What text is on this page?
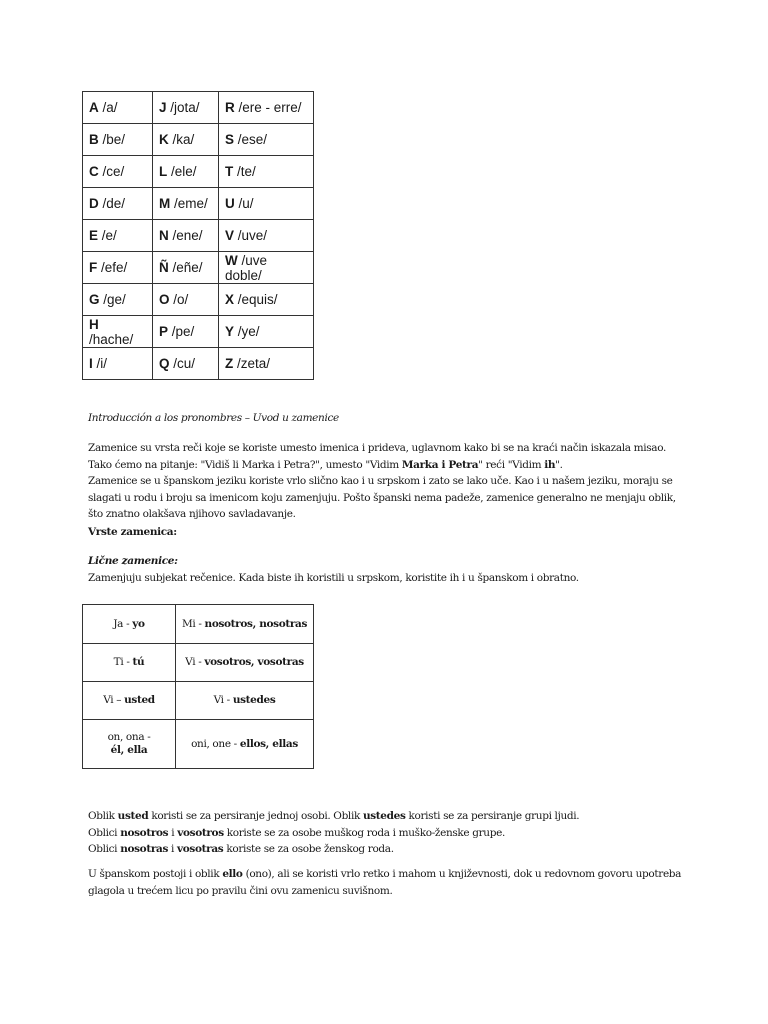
A /a/	J /jota/	R /ere - erre/
B /be/	K /ka/	S /ese/
C /ce/	L /ele/	T /te/
D /de/	M /eme/	U /u/
E /e/	N /ene/	V /uve/
F /efe/	Ñ /eñe/	W /uve doble/
G /ge/	O /o/	X /equis/
H /hache/	P /pe/	Y /ye/
I /i/	Q /cu/	Z /zeta/

Introducción a los pronombres – Uvod u zamenice

Zamenice su vrsta reči koje se koriste umesto imenica i prideva, uglavnom kako bi se na kraći način iskazala misao. Tako ćemo na pitanje: "Vidiš li Marka i Petra?", umesto "Vidim Marka i Petra" reći "Vidim ih".

Zamenice se u španskom jeziku koriste vrlo slično kao i u srpskom i zato se lako uče. Kao i u našem jeziku, moraju se slagati u rodu i broju sa imenicom koju zamenjuju. Pošto španski nema padeže, zamenice generalno ne menjaju oblik, što znatno olakšava njihovo savladavanje.

Vrste zamenica:

Lične zamenice:

Zamenjuju subjekat rečenice. Kada biste ih koristili u srpskom, koristite ih i u španskom i obratno.

Ja - yo	Mi - nosotros, nosotras
Ti - tú	Vi - vosotros, vosotras
Vi – usted	Vi - ustedes
on, ona -
él, ella	oni, one - ellos, ellas

Oblik usted koristi se za persiranje jednoj osobi. Oblik ustedes koristi se za persiranje grupi ljudi.

Oblici nosotros i vosotros koriste se za osobe muškog roda i muško-ženske grupe.

Oblici nosotras i vosotras koriste se za osobe ženskog roda.

U španskom postoji i oblik ello (ono), ali se koristi vrlo retko i mahom u književnosti, dok u redovnom govoru upotreba glagola u trećem licu po pravilu čini ovu zamenicu suvišnom.
